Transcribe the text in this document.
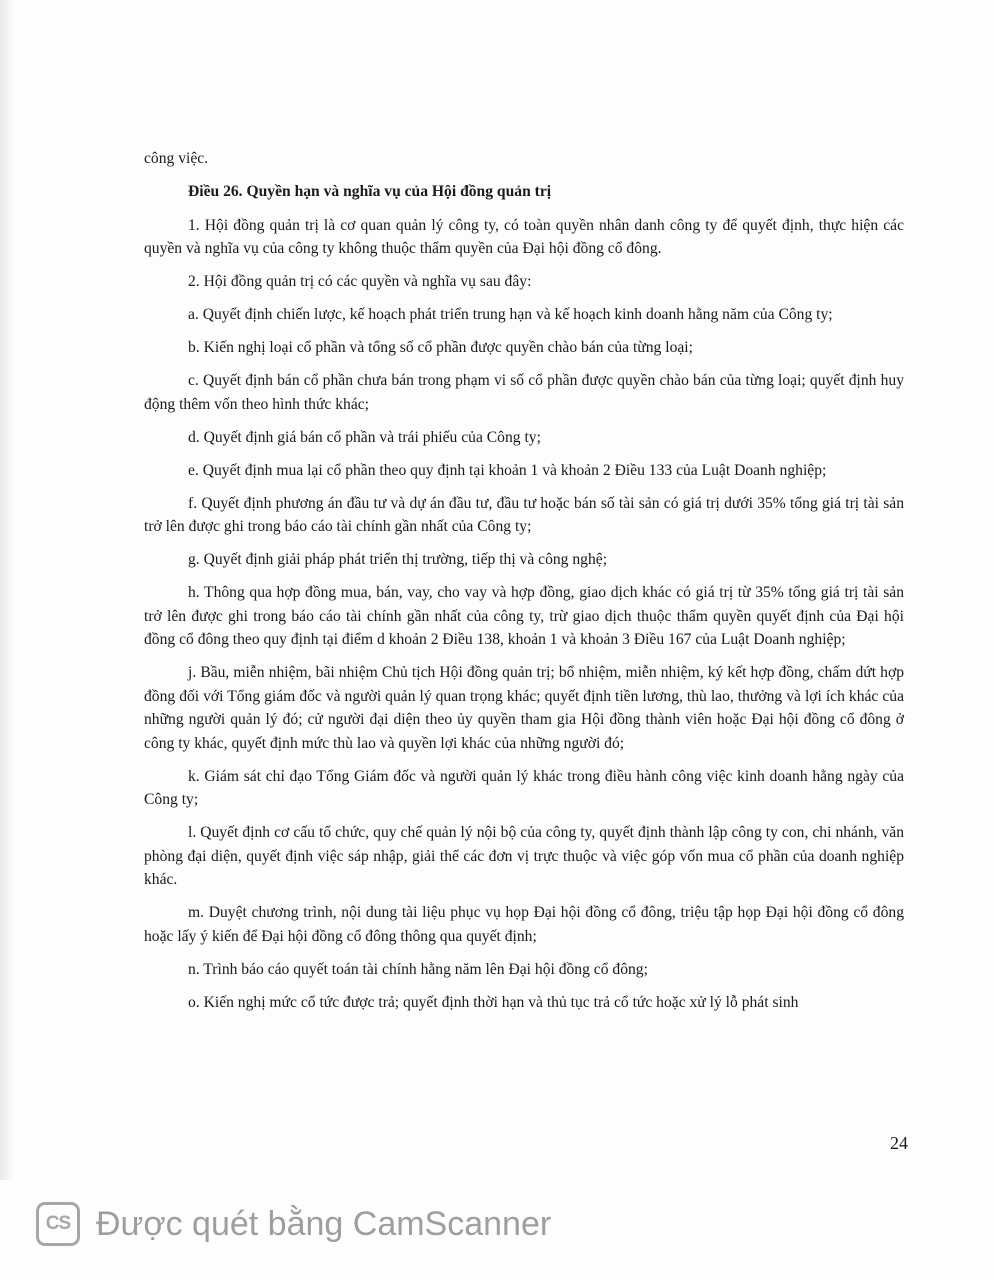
công việc.

Điều 26. Quyền hạn và nghĩa vụ của Hội đồng quản trị

1. Hội đồng quản trị là cơ quan quản lý công ty, có toàn quyền nhân danh công ty để quyết định, thực hiện các quyền và nghĩa vụ của công ty không thuộc thẩm quyền của Đại hội đồng cổ đông.

2. Hội đồng quản trị có các quyền và nghĩa vụ sau đây:

a. Quyết định chiến lược, kế hoạch phát triển trung hạn và kế hoạch kinh doanh hằng năm của Công ty;

b. Kiến nghị loại cổ phần và tổng số cổ phần được quyền chào bán của từng loại;

c. Quyết định bán cổ phần chưa bán trong phạm vi số cổ phần được quyền chào bán của từng loại; quyết định huy động thêm vốn theo hình thức khác;

d. Quyết định giá bán cổ phần và trái phiếu của Công ty;

e. Quyết định mua lại cổ phần theo quy định tại khoản 1 và khoản 2 Điều 133 của Luật Doanh nghiệp;

f. Quyết định phương án đầu tư và dự án đầu tư, đầu tư hoặc bán số tài sản có giá trị dưới 35% tổng giá trị tài sản trở lên được ghi trong báo cáo tài chính gần nhất của Công ty;

g. Quyết định giải pháp phát triển thị trường, tiếp thị và công nghệ;

h. Thông qua hợp đồng mua, bán, vay, cho vay và hợp đồng, giao dịch khác có giá trị từ 35% tổng giá trị tài sản trở lên được ghi trong báo cáo tài chính gần nhất của công ty, trừ giao dịch thuộc thẩm quyền quyết định của Đại hội đồng cổ đông theo quy định tại điểm d khoản 2 Điều 138, khoản 1 và khoản 3 Điều 167 của Luật Doanh nghiệp;

j. Bầu, miễn nhiệm, bãi nhiệm Chủ tịch Hội đồng quản trị; bổ nhiệm, miễn nhiệm, ký kết hợp đồng, chấm dứt hợp đồng đối với Tổng giám đốc và người quản lý quan trọng khác; quyết định tiền lương, thù lao, thưởng và lợi ích khác của những người quản lý đó; cử người đại diện theo ủy quyền tham gia Hội đồng thành viên hoặc Đại hội đồng cổ đông ở công ty khác, quyết định mức thù lao và quyền lợi khác của những người đó;

k. Giám sát chỉ đạo Tổng Giám đốc và người quản lý khác trong điều hành công việc kinh doanh hằng ngày của Công ty;

l. Quyết định cơ cấu tổ chức, quy chế quản lý nội bộ của công ty, quyết định thành lập công ty con, chi nhánh, văn phòng đại diện, quyết định việc sáp nhập, giải thể các đơn vị trực thuộc và việc góp vốn mua cổ phần của doanh nghiệp khác.

m. Duyệt chương trình, nội dung tài liệu phục vụ họp Đại hội đồng cổ đông, triệu tập họp Đại hội đồng cổ đông hoặc lấy ý kiến để Đại hội đồng cổ đông thông qua quyết định;

n. Trình báo cáo quyết toán tài chính hằng năm lên Đại hội đồng cổ đông;

o. Kiến nghị mức cổ tức được trả; quyết định thời hạn và thủ tục trả cổ tức hoặc xử lý lỗ phát sinh

24
CS Được quét bằng CamScanner
